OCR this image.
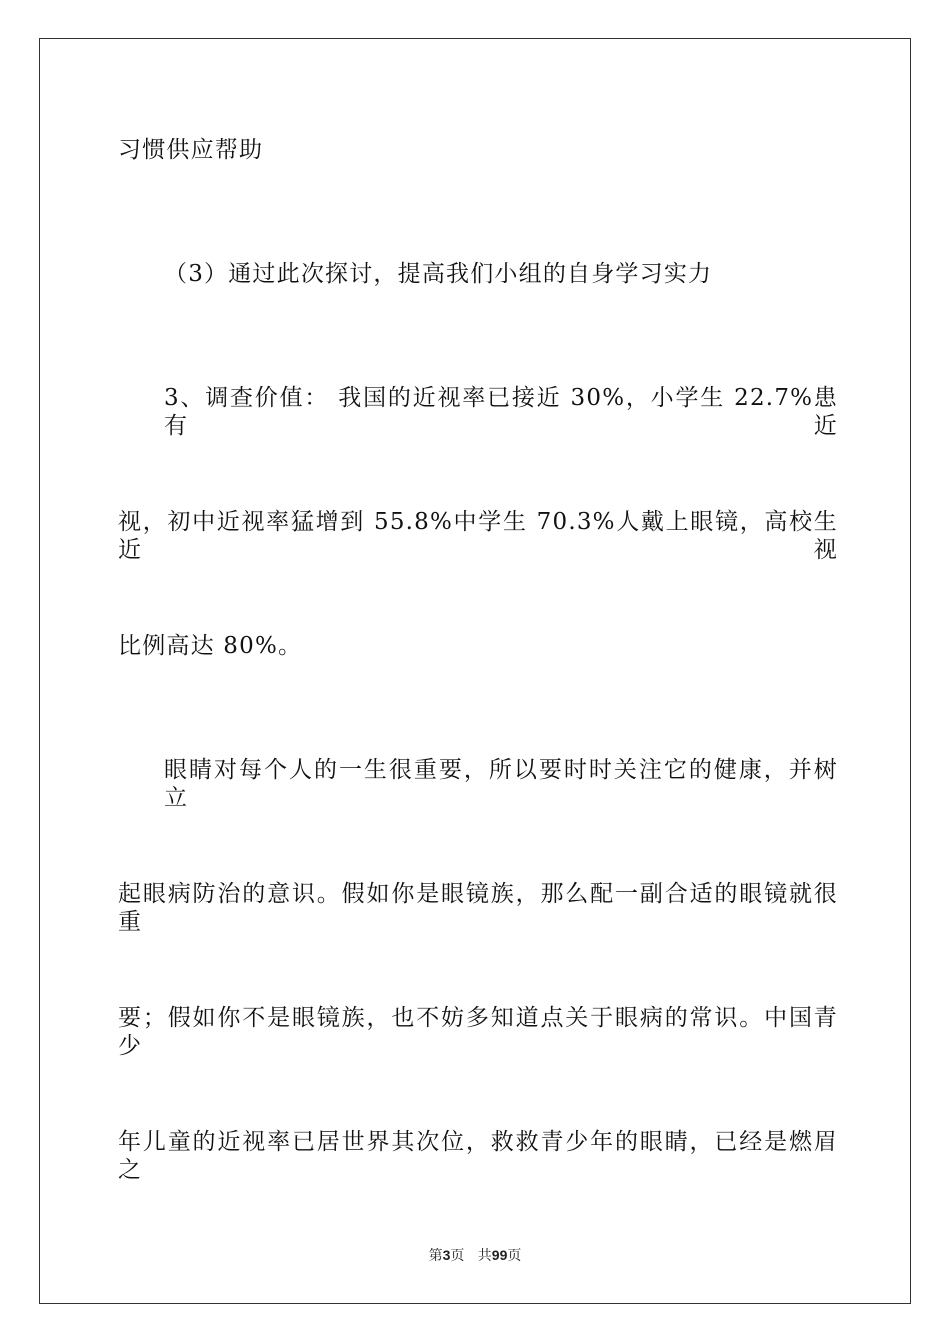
习惯供应帮助
（3）通过此次探讨，提高我们小组的自身学习实力
3、调查价值： 我国的近视率已接近 30%，小学生 22.7%患有近
视，初中近视率猛增到 55.8%中学生 70.3%人戴上眼镜，高校生近视
比例高达 80%。
眼睛对每个人的一生很重要，所以要时时关注它的健康，并树立
起眼病防治的意识。假如你是眼镜族，那么配一副合适的眼镜就很重
要；假如你不是眼镜族，也不妨多知道点关于眼病的常识。中国青少
年儿童的近视率已居世界其次位，救救青少年的眼睛，已经是燃眉之
第3页 共99页
